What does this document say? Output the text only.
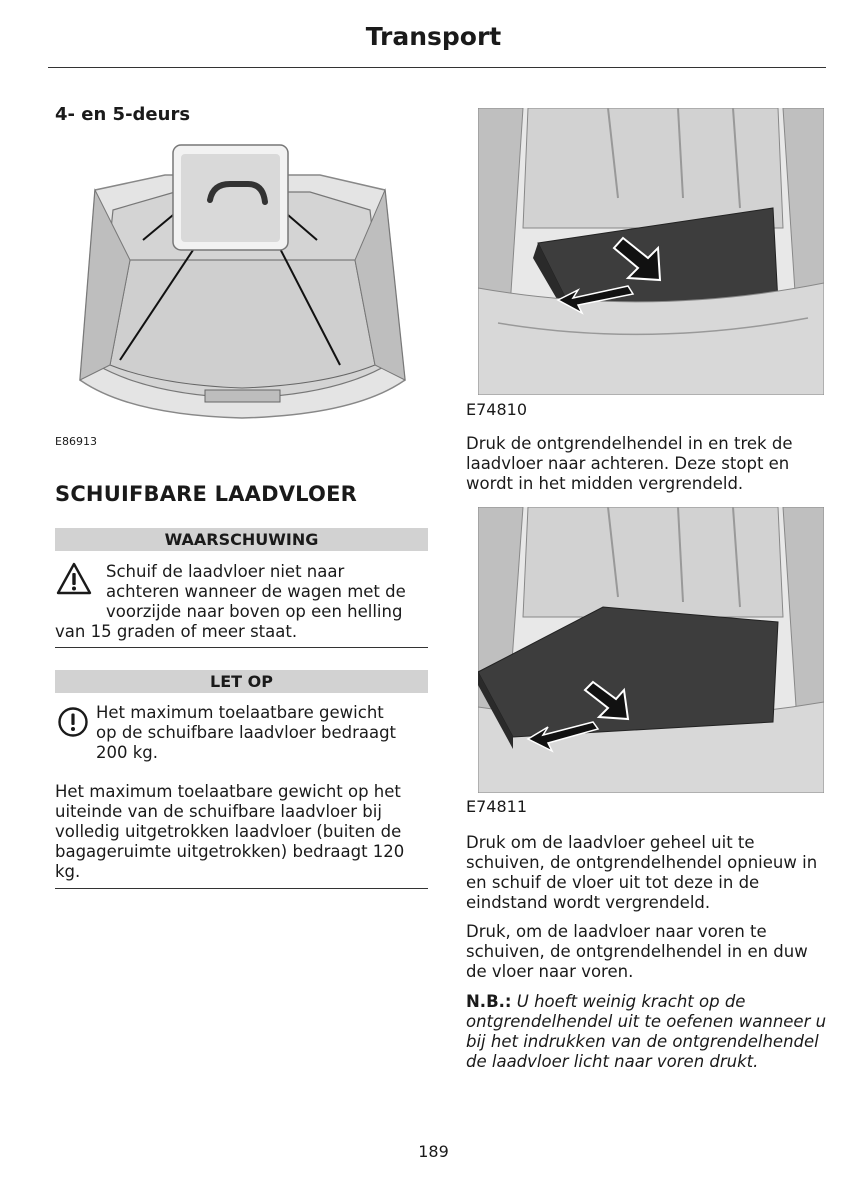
Transport
4- en 5-deurs
E86913
SCHUIFBARE LAADVLOER
WAARSCHUWING
Schuif de laadvloer niet naar
achteren wanneer de wagen met de
voorzijde naar boven op een helling
van 15 graden of meer staat.
LET OP
Het maximum toelaatbare gewicht
op de schuifbare laadvloer bedraagt
200 kg.
Het maximum toelaatbare gewicht op het
uiteinde van de schuifbare laadvloer bij
volledig uitgetrokken laadvloer (buiten de
bagageruimte uitgetrokken) bedraagt 120
kg.
E74810
Druk de ontgrendelhendel in en trek de
laadvloer naar achteren. Deze stopt en
wordt in het midden vergrendeld.
E74811
Druk om de laadvloer geheel uit te
schuiven, de ontgrendelhendel opnieuw in
en schuif de vloer uit tot deze in de
eindstand wordt vergrendeld.
Druk, om de laadvloer naar voren te
schuiven, de ontgrendelhendel in en duw
de vloer naar voren.
N.B.: U hoeft weinig kracht op de
ontgrendelhendel uit te oefenen wanneer u
bij het indrukken van de ontgrendelhendel
de laadvloer licht naar voren drukt.
189
